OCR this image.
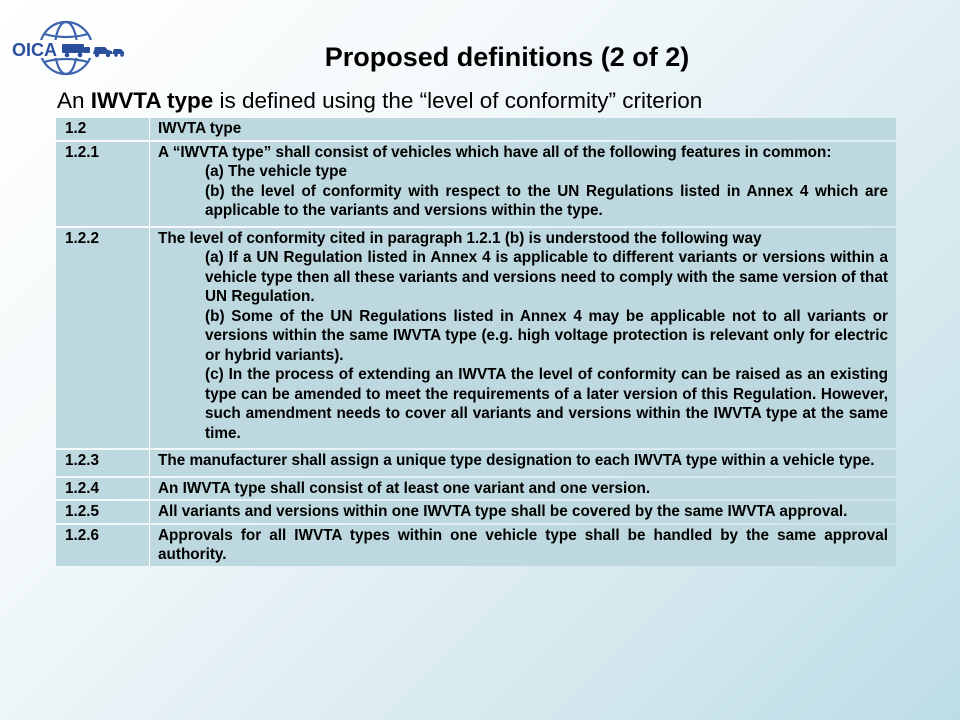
OICA	Proposed definitions (2 of 2)
An IWVTA type is defined using the “level of conformity” criterion
1.2	IWVTA type

1.2.1	A “IWVTA type” shall consist of vehicles which have all of the following features in common:

(a) The vehicle type

(b) the level of conformity with respect to the UN Regulations listed in Annex 4 which are applicable to the variants and versions within the type.

1.2.2	The level of conformity cited in paragraph 1.2.1 (b) is understood the following way

(a) If a UN Regulation listed in Annex 4 is applicable to different variants or versions within a vehicle type then all these variants and versions need to comply with the same version of that UN Regulation.

(b) Some of the UN Regulations listed in Annex 4 may be applicable not to all variants or versions within the same IWVTA type (e.g. high voltage protection is relevant only for electric or hybrid variants).

(c) In the process of extending an IWVTA the level of conformity can be raised as an existing type can be amended to meet the requirements of a later version of this Regulation. However, such amendment needs to cover all variants and versions within the IWVTA type at the same time.

1.2.3	The manufacturer shall assign a unique type designation to each IWVTA type within a vehicle type.

1.2.4	An IWVTA type shall consist of at least one variant and one version.

1.2.5	All variants and versions within one IWVTA type shall be covered by the same IWVTA approval.

1.2.6	Approvals for all IWVTA types within one vehicle type shall be handled by the same approval authority.
